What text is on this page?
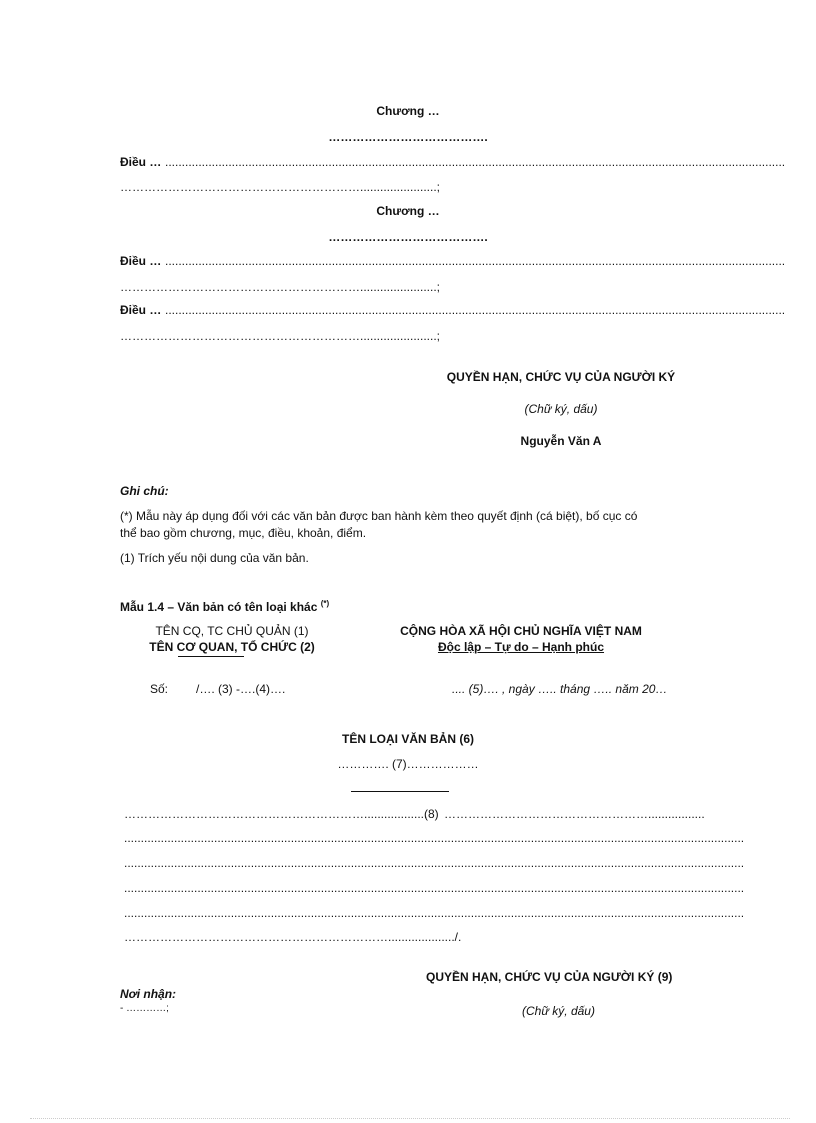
Chương …
………………………………….
Điều … ..........................................................................................................................................................................................
…………………………………………………….......................;
Chương …
………………………………….
Điều … ..........................................................................................................................................................................................
…………………………………………………….......................;
Điều … ..........................................................................................................................................................................................
…………………………………………………….......................;
QUYỀN HẠN, CHỨC VỤ CỦA NGƯỜI KÝ
(Chữ ký, dấu)
Nguyễn Văn A
Ghi chú:
(*) Mẫu này áp dụng đối với các văn bản được ban hành kèm theo quyết định (cá biệt), bố cục có
thể bao gồm chương, mục, điều, khoản, điểm.
(1) Trích yếu nội dung của văn bản.
Mẫu 1.4 – Văn bản có tên loại khác (*)
TÊN CQ, TC CHỦ QUẢN (1)
TÊN CƠ QUAN, TỔ CHỨC (2)
CỘNG HÒA XÃ HỘI CHỦ NGHĨA VIỆT NAM
Độc lập – Tự do – Hạnh phúc
Số: /…. (3) -….(4)….	.... (5)…. , ngày ….. tháng ….. năm 20…
TÊN LOẠI VĂN BẢN (6)
…………. (7)………………
……………………………………………………...................
(8) …………………………………………….................
..........................................................................................................................................................................................
..........................................................................................................................................................................................
..........................................................................................................................................................................................
..........................................................................................................................................................................................
…………………………………………………………..................../.
QUYỀN HẠN, CHỨC VỤ CỦA NGƯỜI KÝ (9)
Nơi nhận:
- …………;	(Chữ ký, dấu)
